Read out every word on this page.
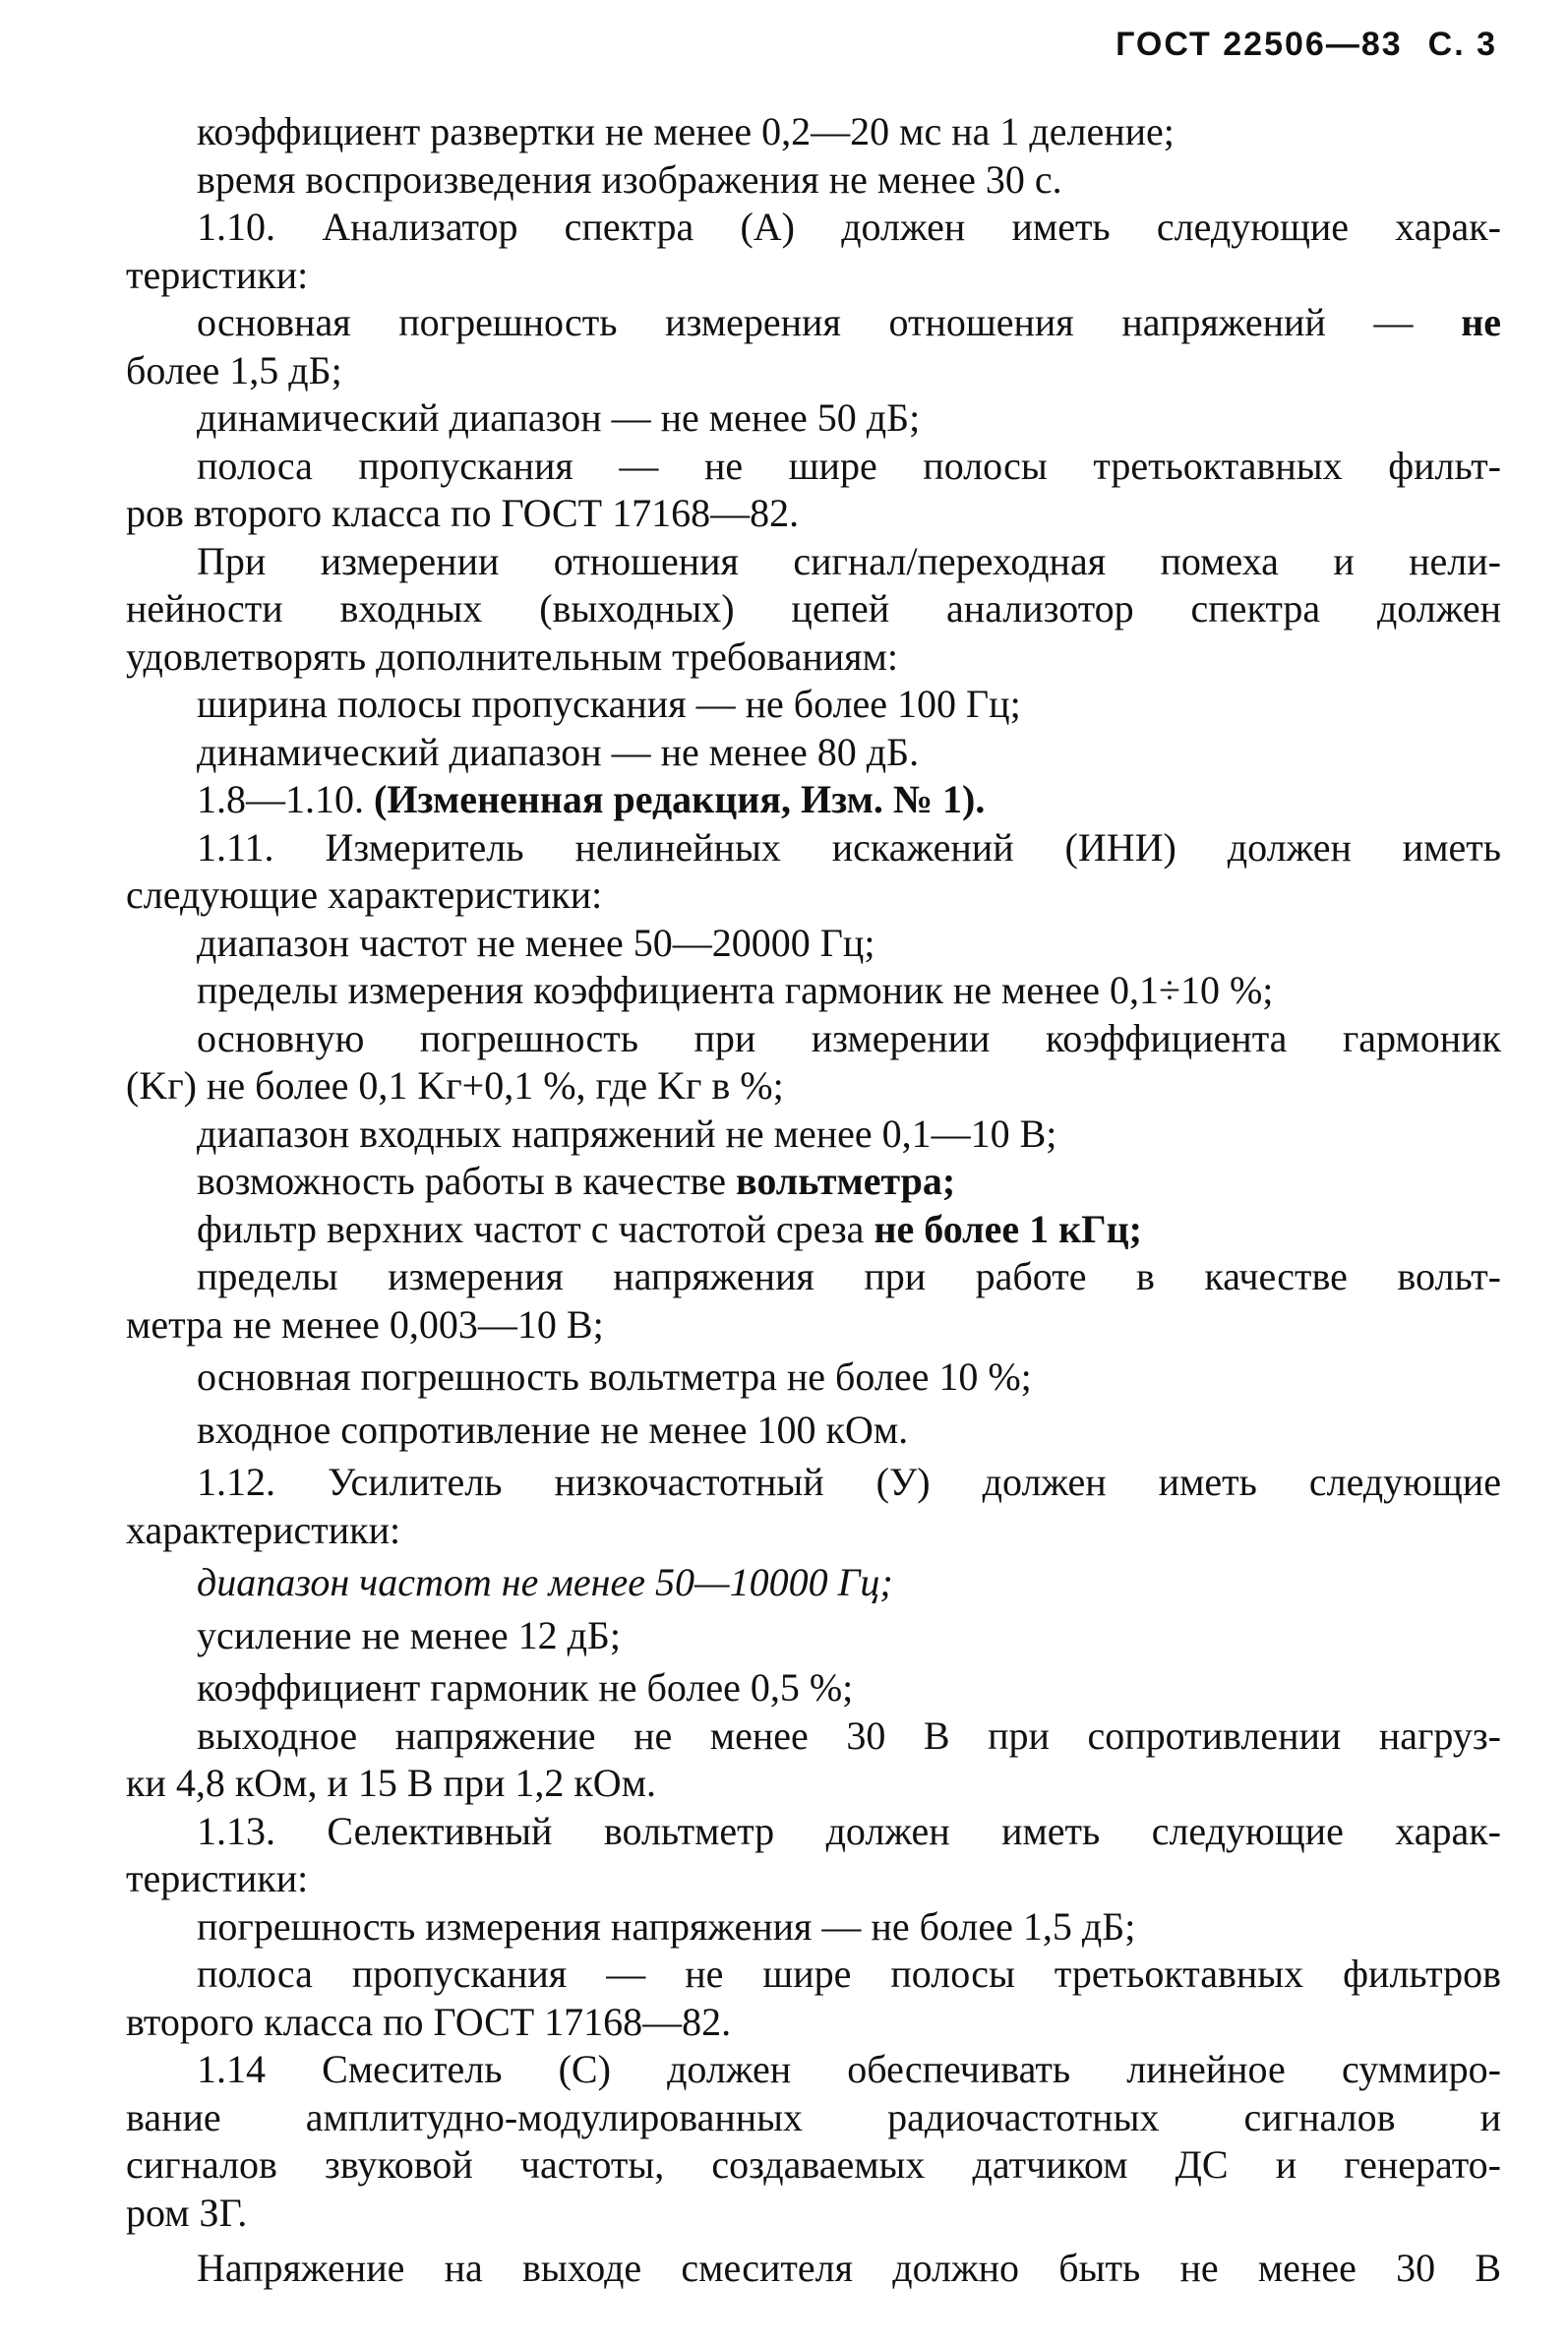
ГОСТ 22506—83 С. 3

коэффициент развертки не менее 0,2—20 мс на 1 деление;

время воспроизведения изображения не менее 30 с.

1.10. Анализатор спектра (А) должен иметь следующие харак-

теристики:

основная погрешность измерения отношения напряжений — не

более 1,5 дБ;

динамический диапазон — не менее 50 дБ;

полоса пропускания — не шире полосы третьоктавных фильт-

ров второго класса по ГОСТ 17168—82.

При измерении отношения сигнал/переходная помеха и нели-

нейности входных (выходных) цепей анализотор спектра должен

удовлетворять дополнительным требованиям:

ширина полосы пропускания — не более 100 Гц;

динамический диапазон — не менее 80 дБ.

1.8—1.10. (Измененная редакция, Изм. № 1).

1.11. Измеритель нелинейных искажений (ИНИ) должен иметь

следующие характеристики:

диапазон частот не менее 50—20000 Гц;

пределы измерения коэффициента гармоник не менее 0,1÷10 %;

основную погрешность при измерении коэффициента гармоник

(Kг) не более 0,1 Kг+0,1 %, где Kг в %;

диапазон входных напряжений не менее 0,1—10 В;

возможность работы в качестве вольтметра;

фильтр верхних частот с частотой среза не более 1 кГц;

пределы измерения напряжения при работе в качестве вольт-

метра не менее 0,003—10 В;

основная погрешность вольтметра не более 10 %;

входное сопротивление не менее 100 кОм.

1.12. Усилитель низкочастотный (У) должен иметь следующие

характеристики:

диапазон частот не менее 50—10000 Гц;

усиление не менее 12 дБ;

коэффициент гармоник не более 0,5 %;

выходное напряжение не менее 30 В при сопротивлении нагруз-

ки 4,8 кОм, и 15 В при 1,2 кОм.

1.13. Селективный вольтметр должен иметь следующие харак-

теристики:

погрешность измерения напряжения — не более 1,5 дБ;

полоса пропускания — не шире полосы третьоктавных фильтров

второго класса по ГОСТ 17168—82.

1.14 Смеситель (С) должен обеспечивать линейное суммиро-

вание амплитудно-модулированных радиочастотных сигналов и

сигналов звуковой частоты, создаваемых датчиком ДС и генерато-

ром ЗГ.

Напряжение на выходе смесителя должно быть не менее 30 В
